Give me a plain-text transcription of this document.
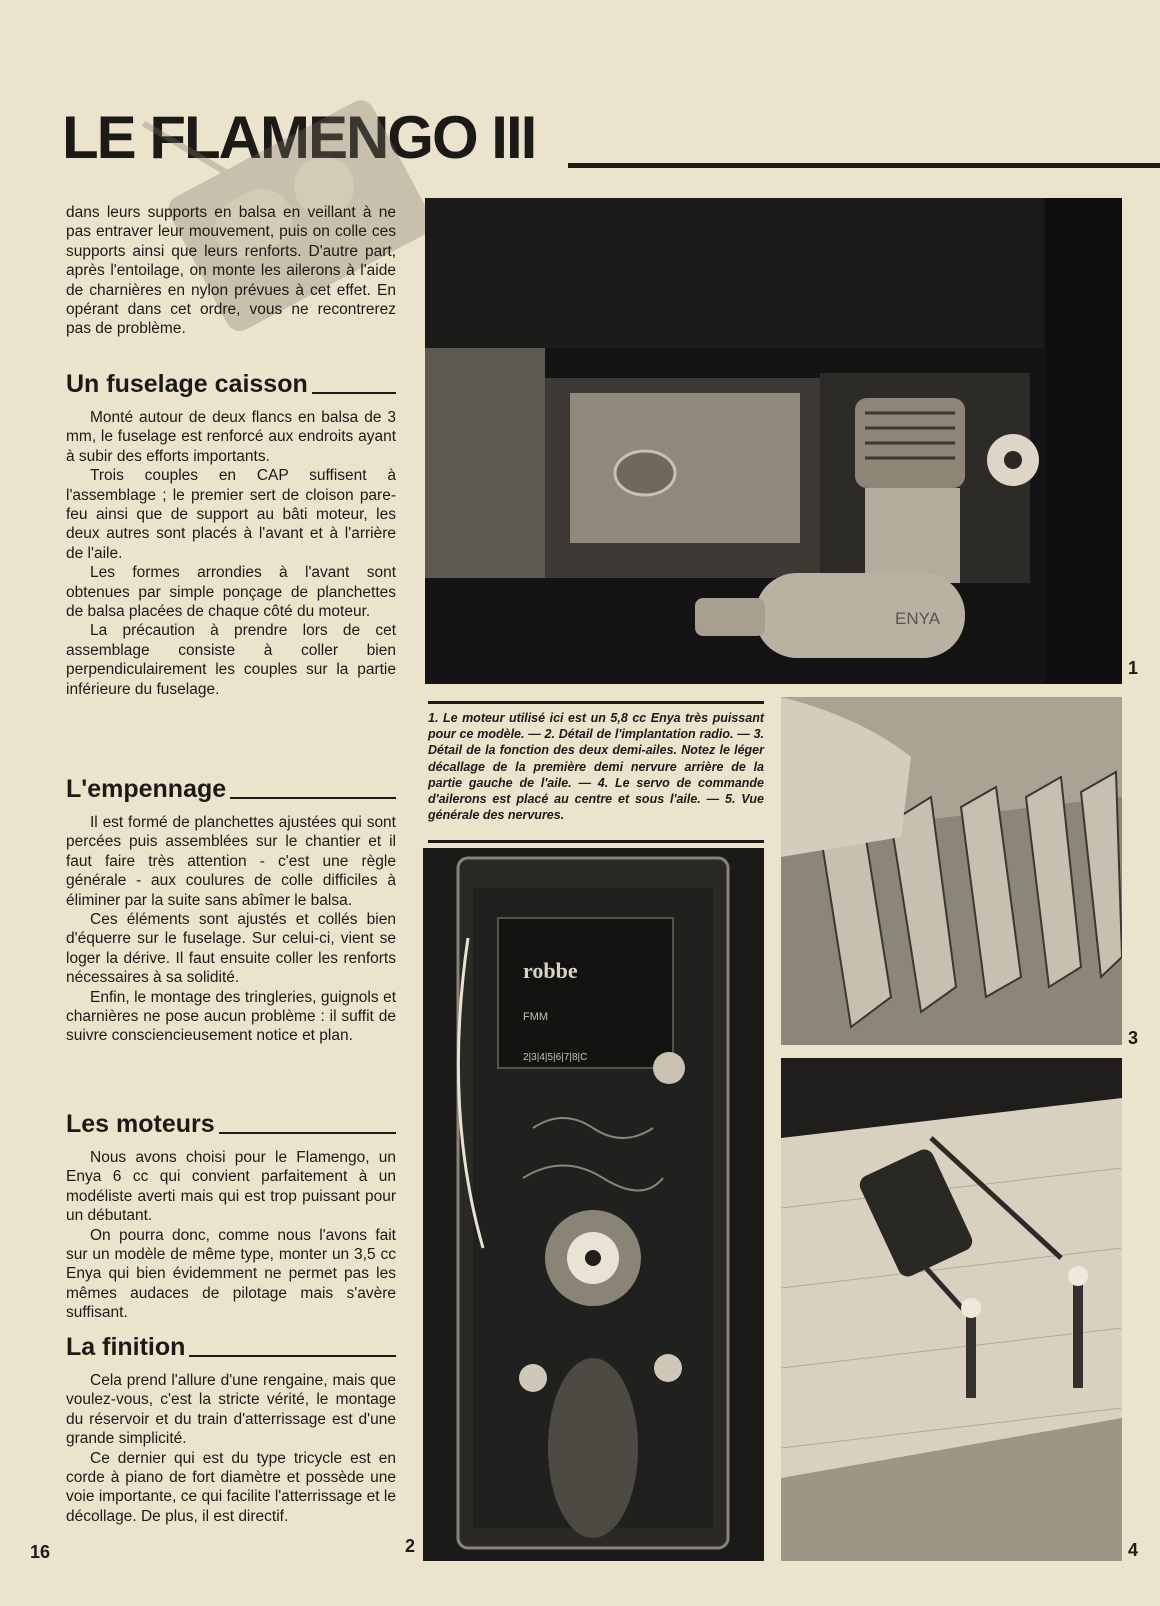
LE FLAMENGO III

dans leurs supports en balsa en veillant à ne pas entraver leur mouvement, puis on colle ces supports ainsi que leurs renforts. D'autre part, après l'entoilage, on monte les ailerons à l'aide de charnières en nylon prévues à cet effet. En opérant dans cet ordre, vous ne recontrerez pas de problème.

Un fuselage caisson

Monté autour de deux flancs en balsa de 3 mm, le fuselage est renforcé aux endroits ayant à subir des efforts importants.

Trois couples en CAP suffisent à l'assemblage ; le premier sert de cloison pare-feu ainsi que de support au bâti moteur, les deux autres sont placés à l'avant et à l'arrière de l'aile.

Les formes arrondies à l'avant sont obtenues par simple ponçage de planchettes de balsa placées de chaque côté du moteur.

La précaution à prendre lors de cet assemblage consiste à coller bien perpendiculairement les couples sur la partie inférieure du fuselage.

L'empennage

Il est formé de planchettes ajustées qui sont percées puis assemblées sur le chantier et il faut faire très attention - c'est une règle générale - aux coulures de colle difficiles à éliminer par la suite sans abîmer le balsa.

Ces éléments sont ajustés et collés bien d'équerre sur le fuselage. Sur celui-ci, vient se loger la dérive. Il faut ensuite coller les renforts nécessaires à sa solidité.

Enfin, le montage des tringleries, guignols et charnières ne pose aucun problème : il suffit de suivre consciencieusement notice et plan.

Les moteurs

Nous avons choisi pour le Flamengo, un Enya 6 cc qui convient parfaitement à un modéliste averti mais qui est trop puissant pour un débutant.

On pourra donc, comme nous l'avons fait sur un modèle de même type, monter un 3,5 cc Enya qui bien évidemment ne permet pas les mêmes audaces de pilotage mais s'avère suffisant.

La finition

Cela prend l'allure d'une rengaine, mais que voulez-vous, c'est la stricte vérité, le montage du réservoir et du train d'atterrissage est d'une grande simplicité.

Ce dernier qui est du type tricycle est en corde à piano de fort diamètre et possède une voie importante, ce qui facilite l'atterrissage et le décollage. De plus, il est directif.

16
ENYA
1

1. Le moteur utilisé ici est un 5,8 cc Enya très puissant pour ce modèle. — 2. Détail de l'implantation radio. — 3. Détail de la fonction des deux demi-ailes. Notez le léger décallage de la première demi nervure arrière de la partie gauche de l'aile. — 4. Le servo de commande d'ailerons est placé au centre et sous l'aile. — 5. Vue générale des nervures.

robbe
FMM
2|3|4|5|6|7|8|C
2
3
4
